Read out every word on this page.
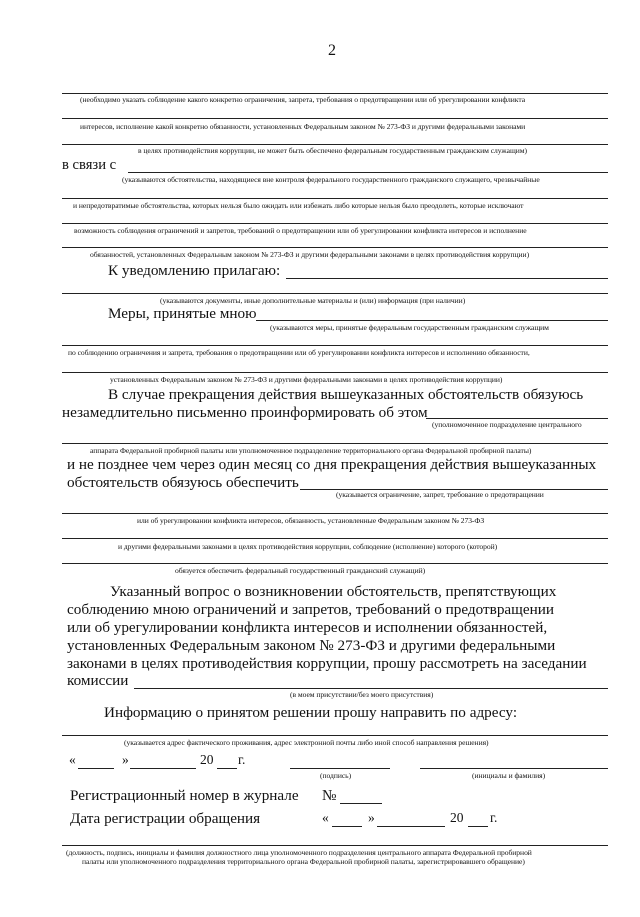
2
(необходимо указать соблюдение какого конкретно ограничения, запрета, требования о предотвращении или об урегулировании конфликта
интересов, исполнение какой конкретно обязанности, установленных Федеральным законом № 273-ФЗ и другими федеральными законами
в целях противодействия коррупции, не может быть обеспечено федеральным государственным гражданским служащим)
в связи с
(указываются обстоятельства, находящиеся вне контроля федерального государственного гражданского служащего, чрезвычайные
и непредотвратимые обстоятельства, которых нельзя было ожидать или избежать либо которые нельзя было преодолеть, которые исключают
возможность соблюдения ограничений и запретов, требований о предотвращении или об урегулировании конфликта интересов и исполнение
обязанностей, установленных Федеральным законом № 273-ФЗ и другими федеральными законами в целях противодействия коррупции)
К уведомлению прилагаю:
(указываются документы, иные дополнительные материалы и (или) информация (при наличии)
Меры, принятые мною
(указываются меры, принятые федеральным государственным гражданским служащим
по соблюдению ограничения и запрета, требования о предотвращении или об урегулировании конфликта интересов и исполнению обязанности,
установленных Федеральным законом № 273-ФЗ и другими федеральными законами в целях противодействия коррупции)
В случае прекращения действия вышеуказанных обстоятельств обязуюсь
незамедлительно письменно проинформировать об этом
(уполномоченное подразделение центрального
аппарата Федеральной пробирной палаты или уполномоченное подразделение территориального органа Федеральной пробирной палаты)
и не позднее чем через один месяц со дня прекращения действия вышеуказанных
обстоятельств обязуюсь обеспечить
(указывается ограничение, запрет, требование о предотвращении
или об урегулировании конфликта интересов, обязанность, установленные Федеральным законом № 273-ФЗ
и другими федеральными законами в целях противодействия коррупции, соблюдение (исполнение) которого (которой)
обязуется обеспечить федеральный государственный гражданский служащий)
Указанный вопрос о возникновении обстоятельств, препятствующих
соблюдению мною ограничений и запретов, требований о предотвращении
или об урегулировании конфликта интересов и исполнении обязанностей,
установленных Федеральным законом № 273-ФЗ и другими федеральными
законами в целях противодействия коррупции, прошу рассмотреть на заседании
комиссии
(в моем присутствии/без моего присутствия)
Информацию о принятом решении прошу направить по адресу:
(указывается адрес фактического проживания, адрес электронной почты либо иной способ направления решения)
«	»	20 г.
(подпись)	(инициалы и фамилия)
Регистрационный номер в журнале №
Дата регистрации обращения	«	»	20 г.
(должность, подпись, инициалы и фамилия должностного лица уполномоченного подразделения центрального аппарата Федеральной пробирной
палаты или уполномоченного подразделения территориального органа Федеральной пробирной палаты, зарегистрировавшего обращение)
